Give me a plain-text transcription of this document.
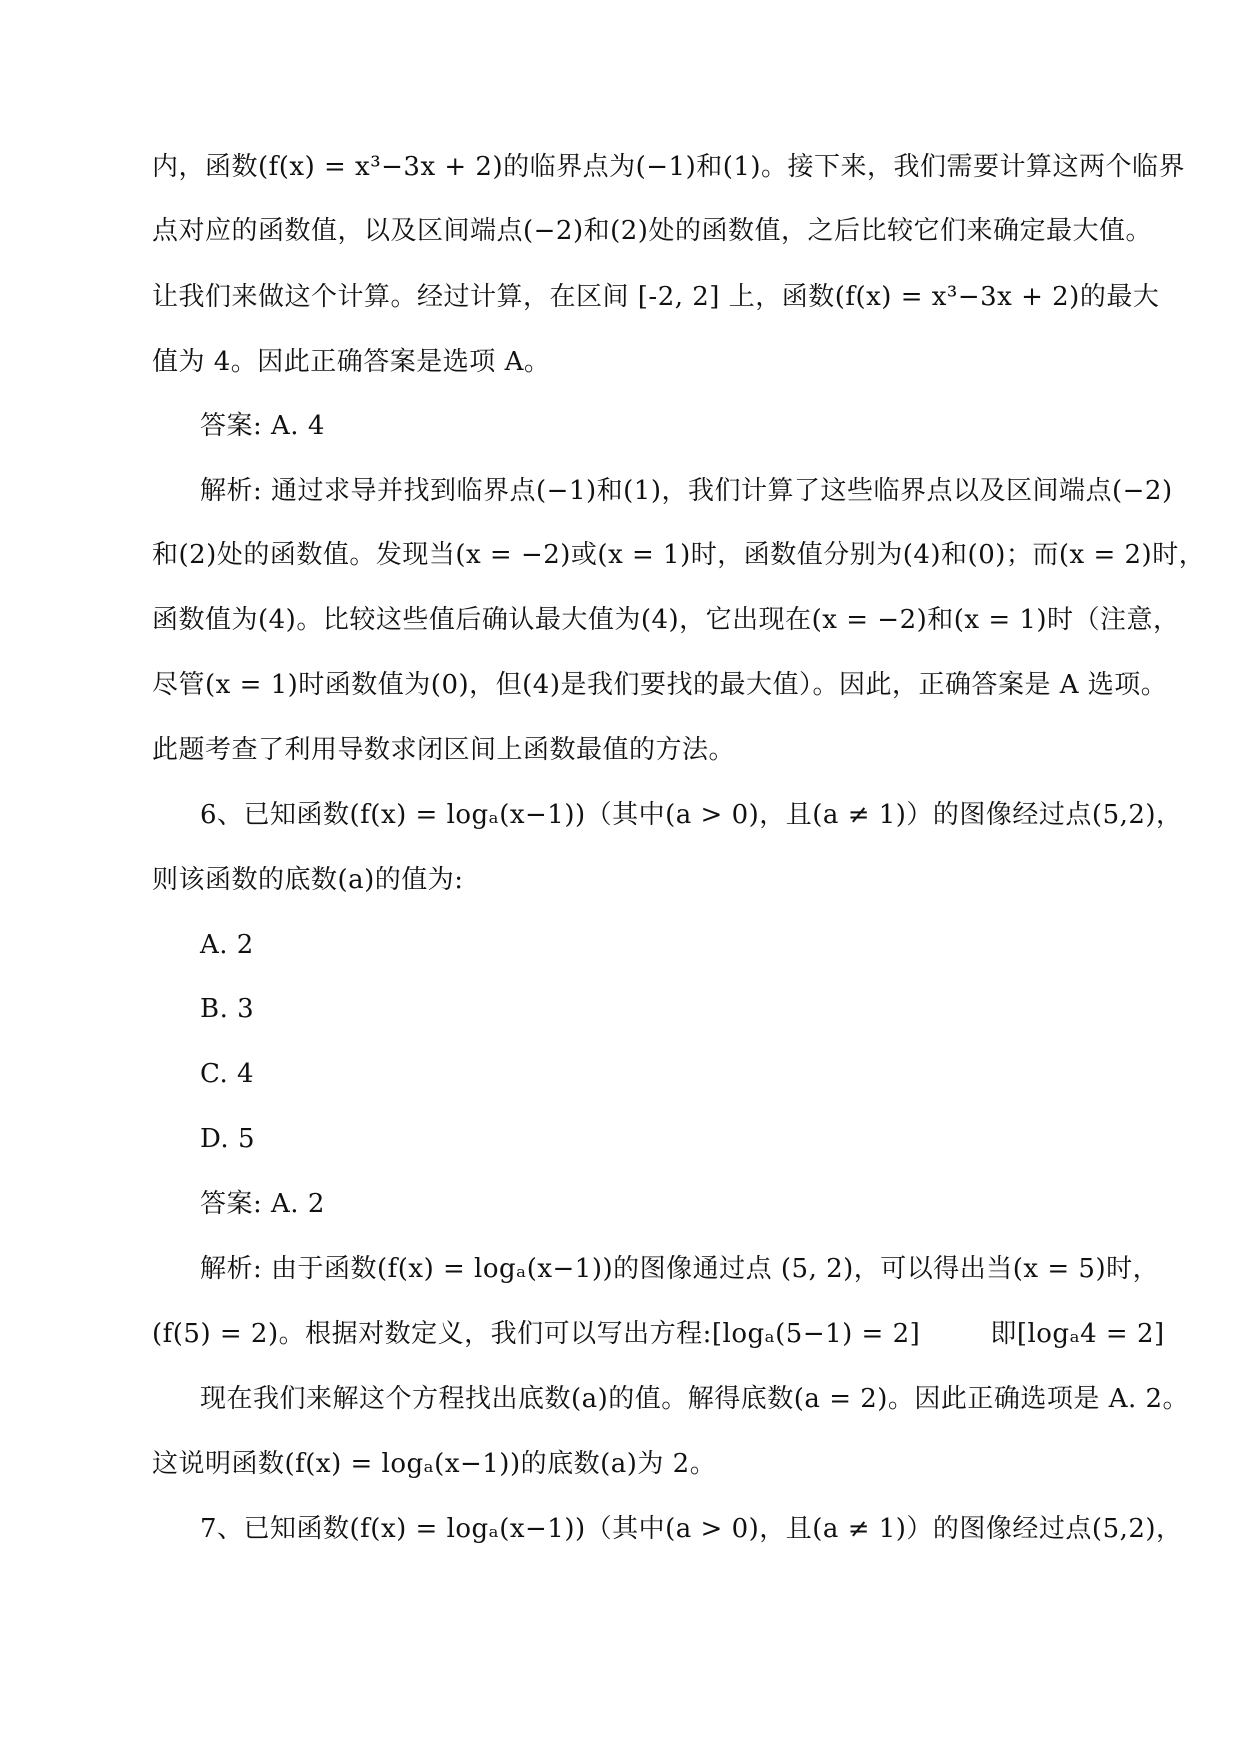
内，函数(f(x) = x³−3x + 2)的临界点为(−1)和(1)。接下来，我们需要计算这两个临界
点对应的函数值，以及区间端点(−2)和(2)处的函数值，之后比较它们来确定最大值。
让我们来做这个计算。经过计算，在区间 [-2, 2] 上，函数(f(x) = x³−3x + 2)的最大
值为 4。因此正确答案是选项 A。
答案: A. 4
解析: 通过求导并找到临界点(−1)和(1)，我们计算了这些临界点以及区间端点(−2)
和(2)处的函数值。发现当(x = −2)或(x = 1)时，函数值分别为(4)和(0)；而(x = 2)时，
函数值为(4)。比较这些值后确认最大值为(4)，它出现在(x = −2)和(x = 1)时（注意，
尽管(x = 1)时函数值为(0)，但(4)是我们要找的最大值）。因此，正确答案是 A 选项。
此题考查了利用导数求闭区间上函数最值的方法。
6、已知函数(f(x) = logₐ(x−1))（其中(a > 0)，且(a ≠ 1)）的图像经过点(5,2)，
则该函数的底数(a)的值为:
A. 2
B. 3
C. 4
D. 5
答案: A. 2
解析: 由于函数(f(x) = logₐ(x−1))的图像通过点 (5, 2)，可以得出当(x = 5)时，
(f(5) = 2)。根据对数定义，我们可以写出方程:[logₐ(5−1) = 2]	即[logₐ4 = 2]
现在我们来解这个方程找出底数(a)的值。解得底数(a = 2)。因此正确选项是 A. 2。
这说明函数(f(x) = logₐ(x−1))的底数(a)为 2。
7、已知函数(f(x) = logₐ(x−1))（其中(a > 0)，且(a ≠ 1)）的图像经过点(5,2)，
